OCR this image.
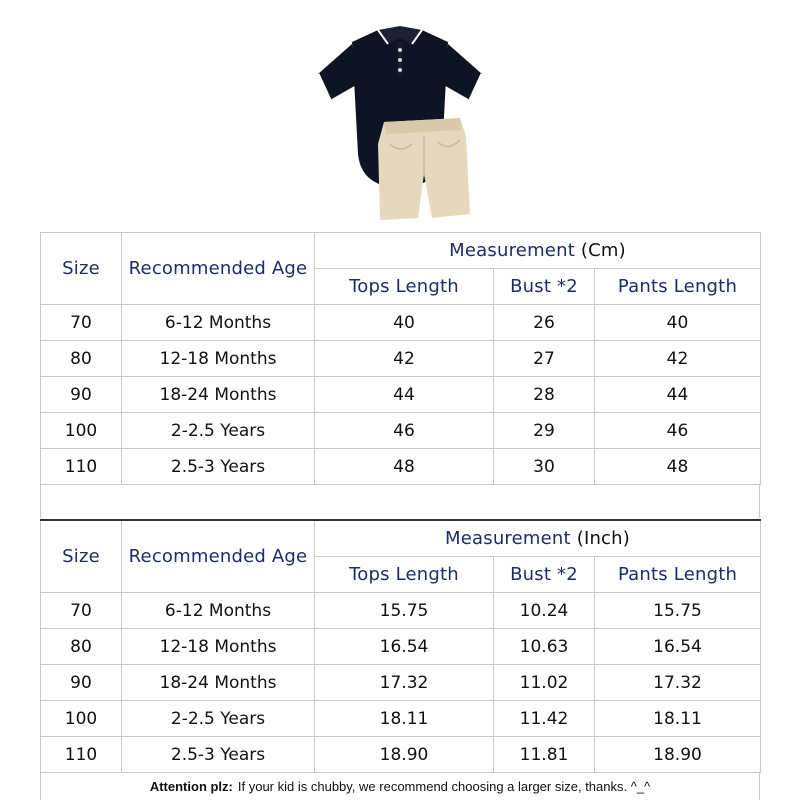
Size	Recommended Age	Measurement (Cm)		
		Tops Length	Bust *2	Pants Length
70	6-12 Months	40	26	40
80	12-18 Months	42	27	42
90	18-24 Months	44	28	44
100	2-2.5 Years	46	29	46
110	2.5-3 Years	48	30	48
Size	Recommended Age	Measurement (Inch)		
		Tops Length	Bust *2	Pants Length
70	6-12 Months	15.75	10.24	15.75
80	12-18 Months	16.54	10.63	16.54
90	18-24 Months	17.32	11.02	17.32
100	2-2.5 Years	18.11	11.42	18.11
110	2.5-3 Years	18.90	11.81	18.90
Attention plz: If your kid is chubby, we recommend choosing a larger size, thanks. ^_^
